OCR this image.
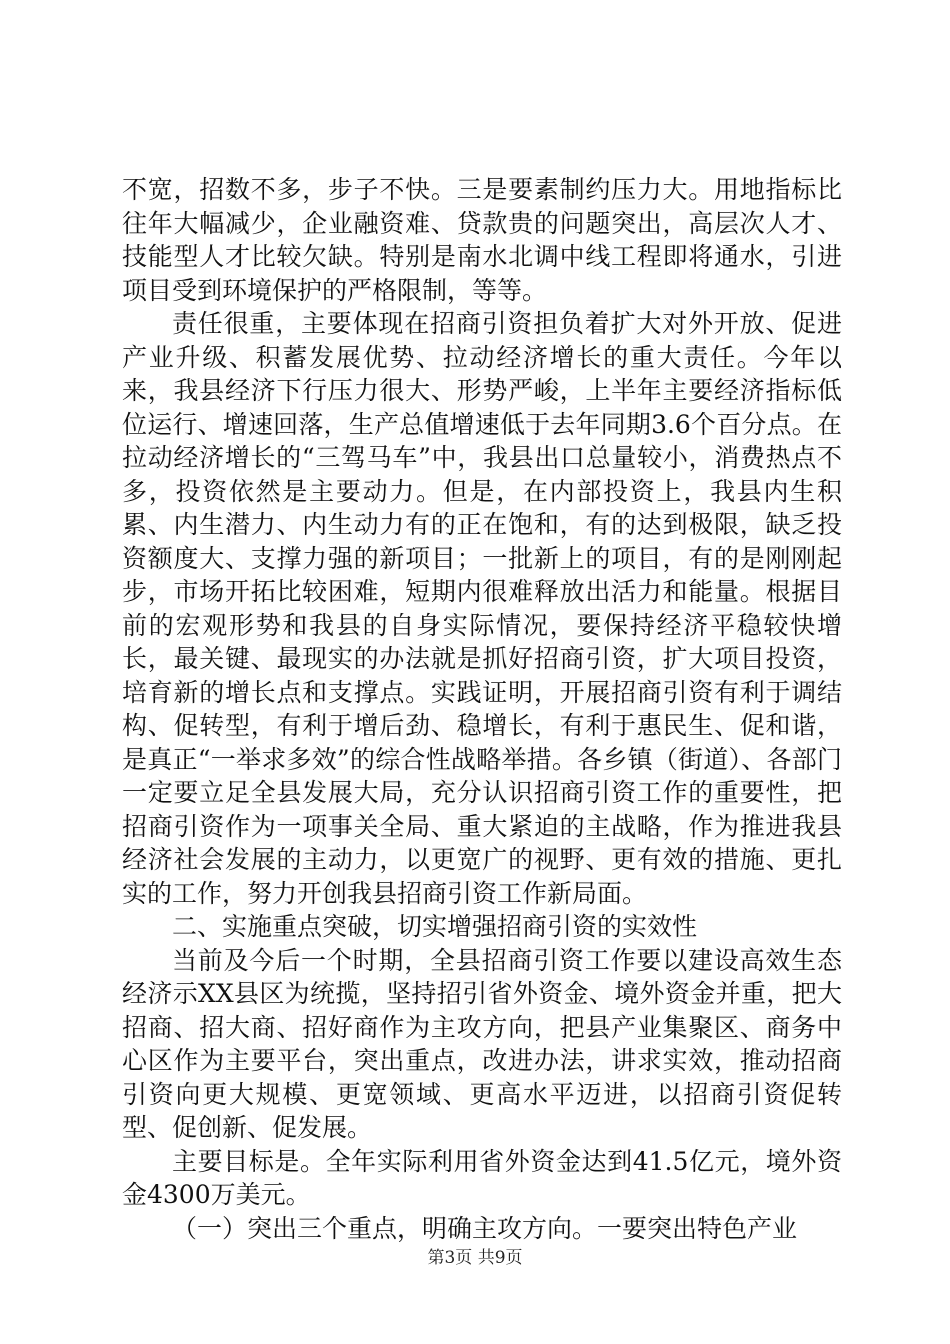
不宽，招数不多，步子不快。三是要素制约压力大。用地指标比往年大幅减少，企业融资难、贷款贵的问题突出，高层次人才、技能型人才比较欠缺。特别是南水北调中线工程即将通水，引进项目受到环境保护的严格限制，等等。

责任很重，主要体现在招商引资担负着扩大对外开放、促进产业升级、积蓄发展优势、拉动经济增长的重大责任。今年以来，我县经济下行压力很大、形势严峻，上半年主要经济指标低位运行、增速回落，生产总值增速低于去年同期3.6个百分点。在拉动经济增长的“三驾马车”中，我县出口总量较小，消费热点不多，投资依然是主要动力。但是，在内部投资上，我县内生积累、内生潜力、内生动力有的正在饱和，有的达到极限，缺乏投资额度大、支撑力强的新项目；一批新上的项目，有的是刚刚起步，市场开拓比较困难，短期内很难释放出活力和能量。根据目前的宏观形势和我县的自身实际情况，要保持经济平稳较快增长，最关键、最现实的办法就是抓好招商引资，扩大项目投资，培育新的增长点和支撑点。实践证明，开展招商引资有利于调结构、促转型，有利于增后劲、稳增长，有利于惠民生、促和谐，是真正“一举求多效”的综合性战略举措。各乡镇（街道）、各部门一定要立足全县发展大局，充分认识招商引资工作的重要性，把招商引资作为一项事关全局、重大紧迫的主战略，作为推进我县经济社会发展的主动力，以更宽广的视野、更有效的措施、更扎实的工作，努力开创我县招商引资工作新局面。

二、实施重点突破，切实增强招商引资的实效性

当前及今后一个时期，全县招商引资工作要以建设高效生态经济示XX县区为统揽，坚持招引省外资金、境外资金并重，把大招商、招大商、招好商作为主攻方向，把县产业集聚区、商务中心区作为主要平台，突出重点，改进办法，讲求实效，推动招商引资向更大规模、更宽领域、更高水平迈进，以招商引资促转型、促创新、促发展。

主要目标是。全年实际利用省外资金达到41.5亿元，境外资金4300万美元。

（一）突出三个重点，明确主攻方向。一要突出特色产业

第3页 共9页
